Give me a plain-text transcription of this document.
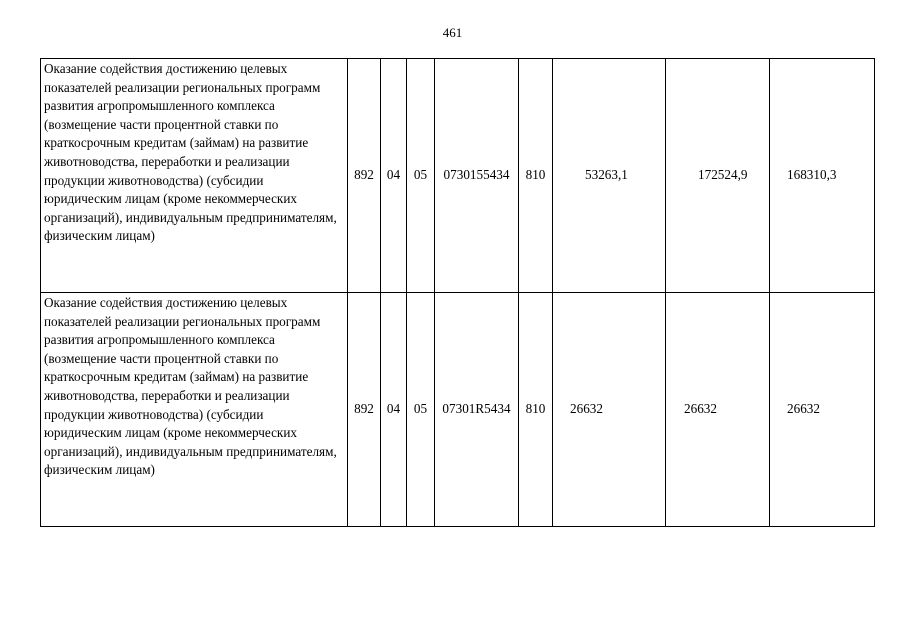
461
Оказание содействия достижению целевых показателей реализации региональных программ развития агропромышленного комплекса (возмещение части процентной ставки по краткосрочным кредитам (займам) на развитие животноводства, переработки и реализации продукции животноводства) (субсидии юридическим лицам (кроме некоммерческих организаций), индивидуальным предпринимателям, физическим лицам)	892	04	05	0730155434	810	53263,1	172524,9	168310,3
Оказание содействия достижению целевых показателей реализации региональных программ развития агропромышленного комплекса (возмещение части процентной ставки по краткосрочным кредитам (займам) на развитие животноводства, переработки и реализации продукции животноводства) (субсидии юридическим лицам (кроме некоммерческих организаций), индивидуальным предпринимателям, физическим лицам)	892	04	05	07301R5434	810	26632	26632	26632
